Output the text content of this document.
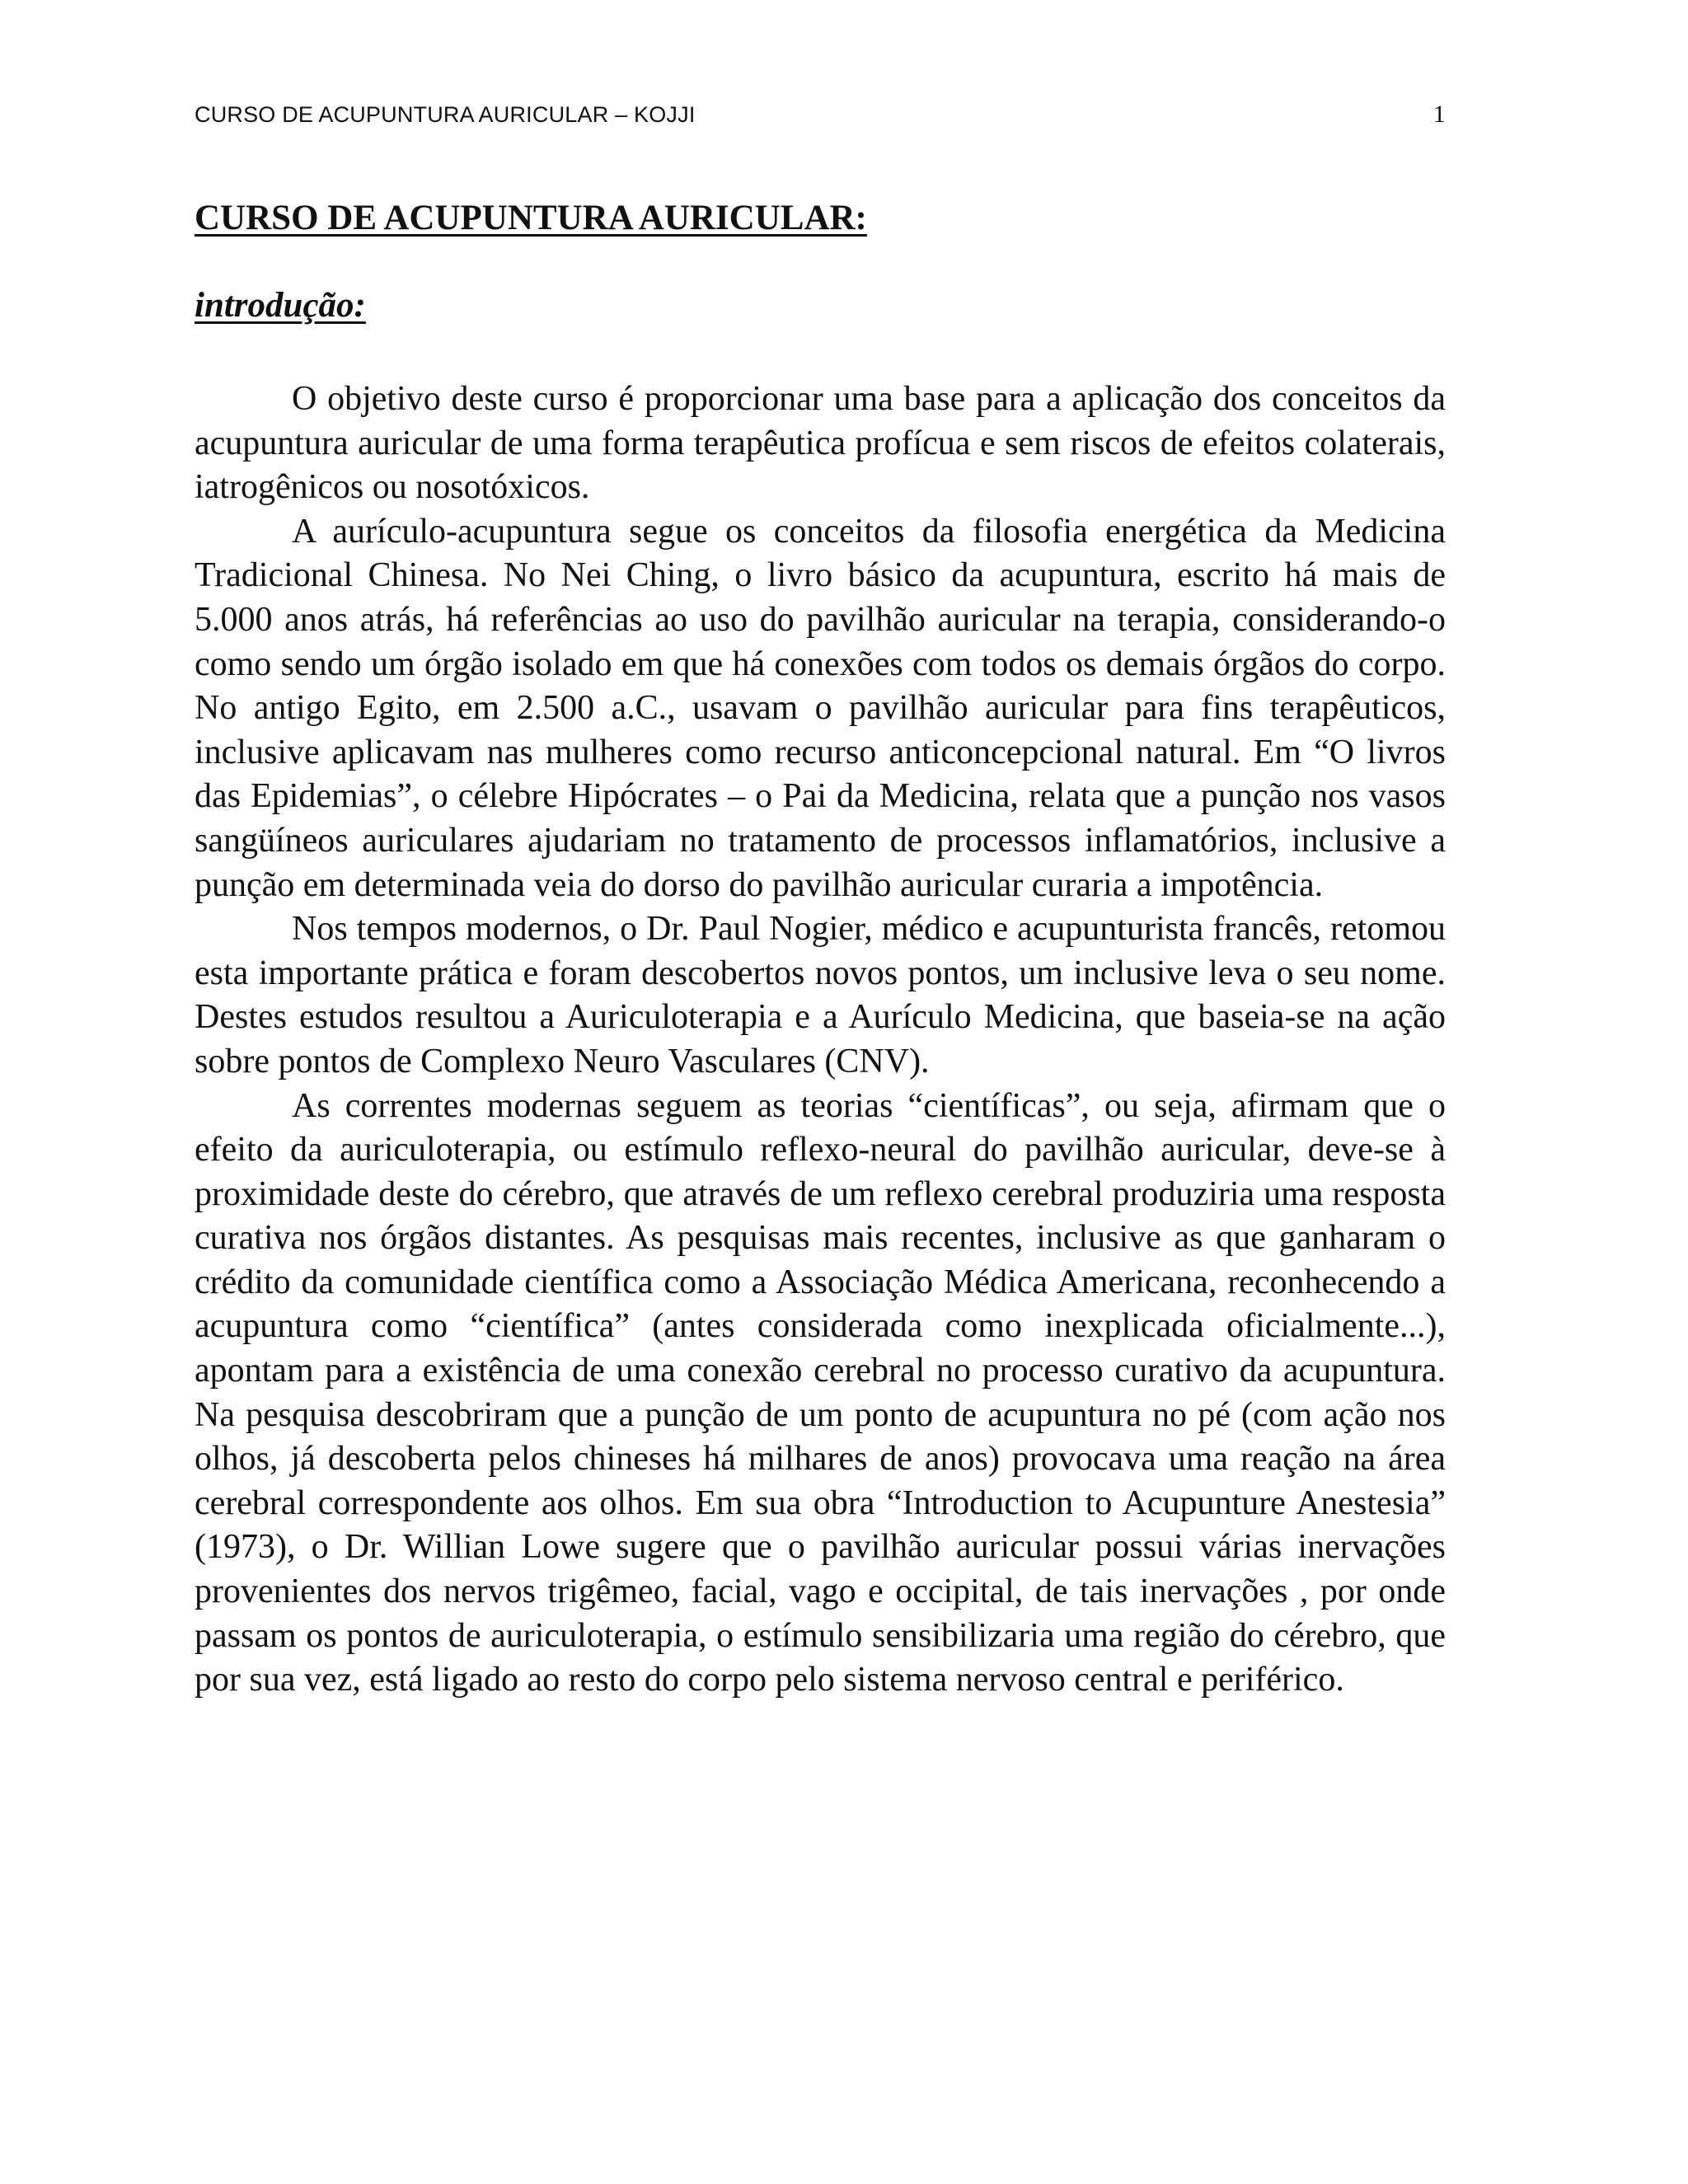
CURSO DE ACUPUNTURA AURICULAR – KOJJI	1
CURSO DE ACUPUNTURA AURICULAR:
introdução:

O objetivo deste curso é proporcionar uma base para a aplicação dos conceitos da acupuntura auricular de uma forma terapêutica profícua e sem riscos de efeitos colaterais, iatrogênicos ou nosotóxicos.

A aurículo-acupuntura segue os conceitos da filosofia energética da Medicina Tradicional Chinesa. No Nei Ching, o livro básico da acupuntura, escrito há mais de 5.000 anos atrás, há referências ao uso do pavilhão auricular na terapia, considerando-o como sendo um órgão isolado em que há conexões com todos os demais órgãos do corpo. No antigo Egito, em 2.500 a.C., usavam o pavilhão auricular para fins terapêuticos, inclusive aplicavam nas mulheres como recurso anticoncepcional natural. Em “O livros das Epidemias”, o célebre Hipócrates – o Pai da Medicina, relata que a punção nos vasos sangüíneos auriculares ajudariam no tratamento de processos inflamatórios, inclusive a punção em determinada veia do dorso do pavilhão auricular curaria a impotência.

Nos tempos modernos, o Dr. Paul Nogier, médico e acupunturista francês, retomou esta importante prática e foram descobertos novos pontos, um inclusive leva o seu nome. Destes estudos resultou a Auriculoterapia e a Aurículo Medicina, que baseia-se na ação sobre pontos de Complexo Neuro Vasculares (CNV).

As correntes modernas seguem as teorias “científicas”, ou seja, afirmam que o efeito da auriculoterapia, ou estímulo reflexo-neural do pavilhão auricular, deve-se à proximidade deste do cérebro, que através de um reflexo cerebral produziria uma resposta curativa nos órgãos distantes. As pesquisas mais recentes, inclusive as que ganharam o crédito da comunidade científica como a Associação Médica Americana, reconhecendo a acupuntura como “científica” (antes considerada como inexplicada oficialmente...), apontam para a existência de uma conexão cerebral no processo curativo da acupuntura. Na pesquisa descobriram que a punção de um ponto de acupuntura no pé (com ação nos olhos, já descoberta pelos chineses há milhares de anos) provocava uma reação na área cerebral correspondente aos olhos. Em sua obra “Introduction to Acupunture Anestesia” (1973), o Dr. Willian Lowe sugere que o pavilhão auricular possui várias inervações provenientes dos nervos trigêmeo, facial, vago e occipital, de tais inervações , por onde passam os pontos de auriculoterapia, o estímulo sensibilizaria uma região do cérebro, que por sua vez, está ligado ao resto do corpo pelo sistema nervoso central e periférico.
